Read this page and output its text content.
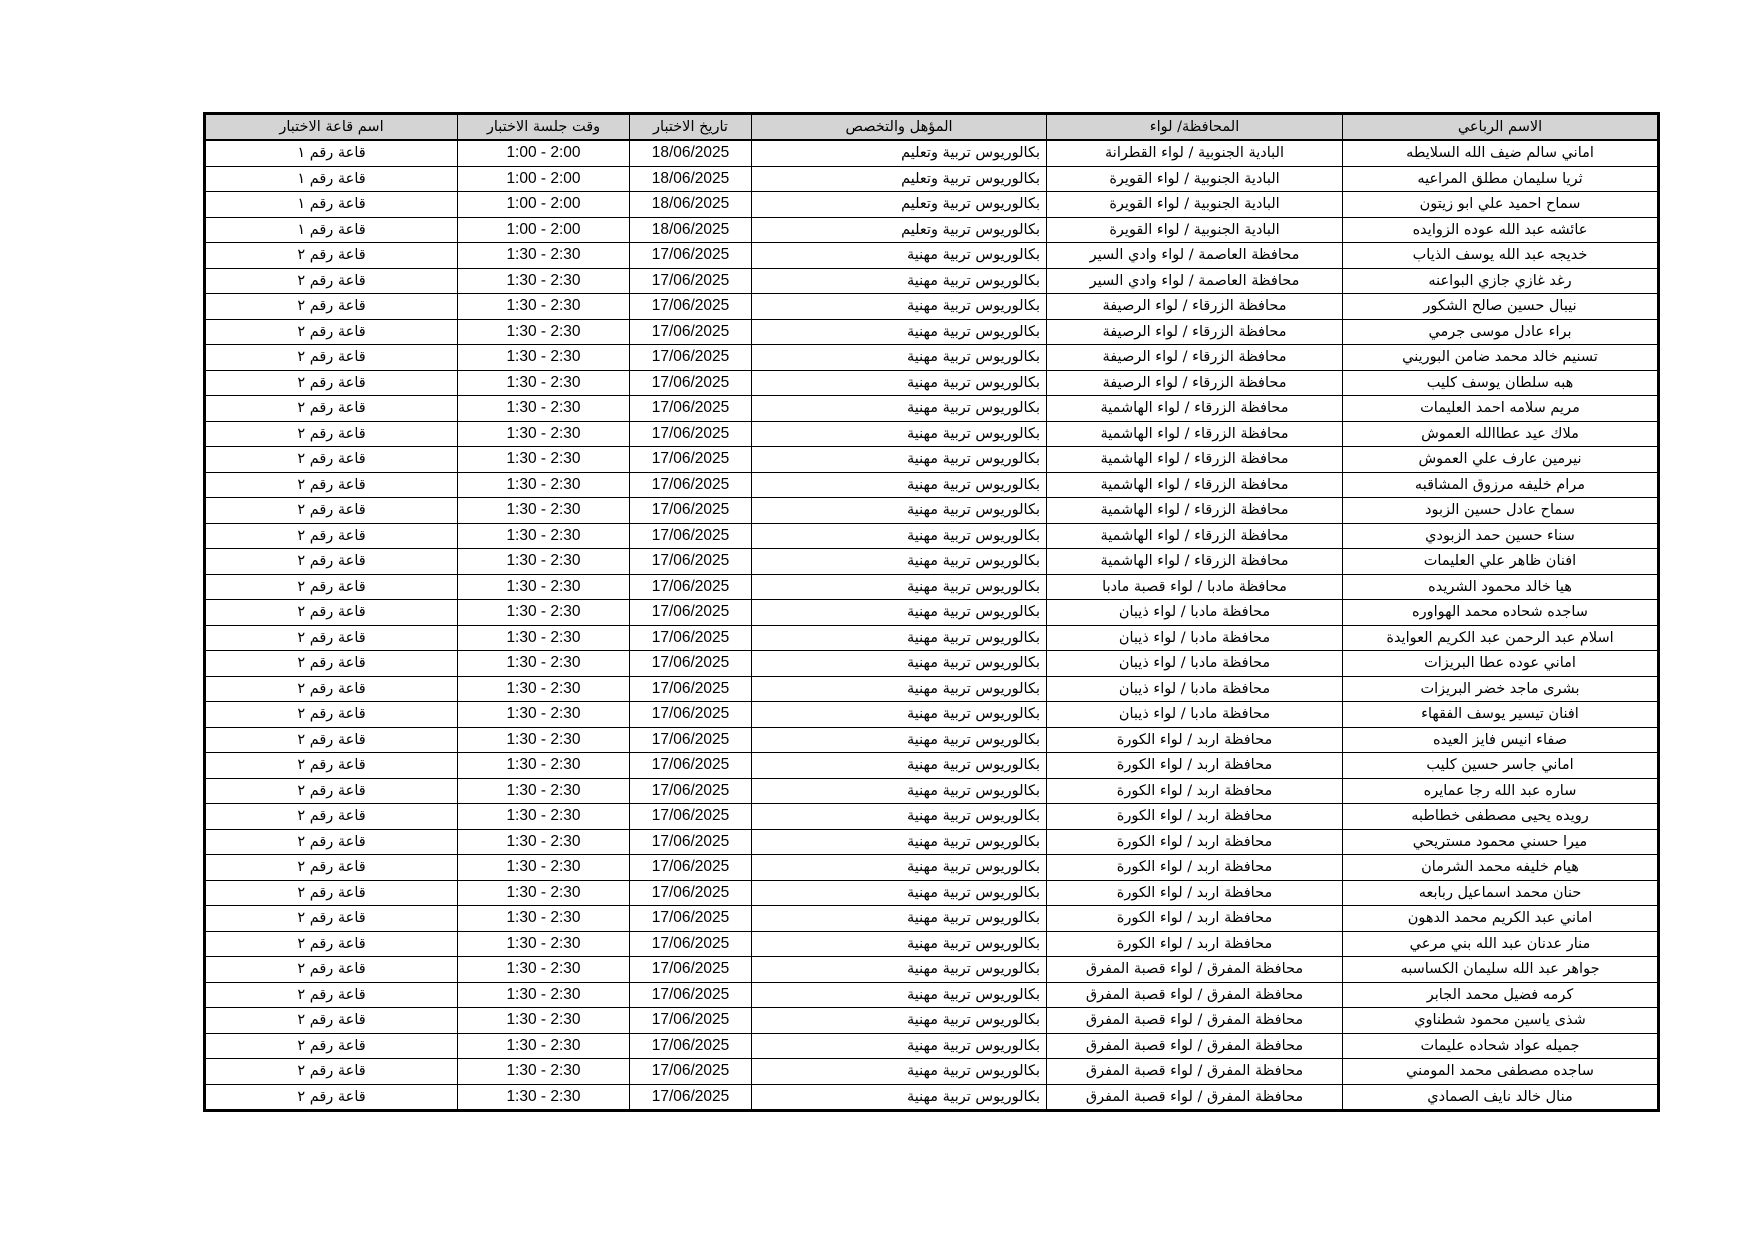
اسم قاعة الاختبار	وقت جلسة الاختبار	تاريخ الاختبار	المؤهل والتخصص	المحافظة/ لواء	الاسم الرباعي
قاعة رقم ١	1:00 - 2:00	18/06/2025	بكالوريوس تربية وتعليم	البادية الجنوبية / لواء القطرانة	اماني سالم ضيف الله السلايطه
قاعة رقم ١	1:00 - 2:00	18/06/2025	بكالوريوس تربية وتعليم	البادية الجنوبية / لواء القويرة	ثريا سليمان مطلق المراعيه
قاعة رقم ١	1:00 - 2:00	18/06/2025	بكالوريوس تربية وتعليم	البادية الجنوبية / لواء القويرة	سماح احميد علي ابو زيتون
قاعة رقم ١	1:00 - 2:00	18/06/2025	بكالوريوس تربية وتعليم	البادية الجنوبية / لواء القويرة	عائشه عبد الله عوده الزوايده
قاعة رقم ٢	1:30 - 2:30	17/06/2025	بكالوريوس تربية مهنية	محافظة العاصمة / لواء وادي السير	خديجه عبد الله يوسف الذياب
قاعة رقم ٢	1:30 - 2:30	17/06/2025	بكالوريوس تربية مهنية	محافظة العاصمة / لواء وادي السير	رغد غازي جازي البواعنه
قاعة رقم ٢	1:30 - 2:30	17/06/2025	بكالوريوس تربية مهنية	محافظة الزرقاء / لواء الرصيفة	نيبال حسين صالح الشكور
قاعة رقم ٢	1:30 - 2:30	17/06/2025	بكالوريوس تربية مهنية	محافظة الزرقاء / لواء الرصيفة	براء عادل موسى جرمي
قاعة رقم ٢	1:30 - 2:30	17/06/2025	بكالوريوس تربية مهنية	محافظة الزرقاء / لواء الرصيفة	تسنيم خالد محمد ضامن البوريني
قاعة رقم ٢	1:30 - 2:30	17/06/2025	بكالوريوس تربية مهنية	محافظة الزرقاء / لواء الرصيفة	هبه سلطان يوسف كليب
قاعة رقم ٢	1:30 - 2:30	17/06/2025	بكالوريوس تربية مهنية	محافظة الزرقاء / لواء الهاشمية	مريم سلامه احمد العليمات
قاعة رقم ٢	1:30 - 2:30	17/06/2025	بكالوريوس تربية مهنية	محافظة الزرقاء / لواء الهاشمية	ملاك عيد عطاالله العموش
قاعة رقم ٢	1:30 - 2:30	17/06/2025	بكالوريوس تربية مهنية	محافظة الزرقاء / لواء الهاشمية	نيرمين عارف علي العموش
قاعة رقم ٢	1:30 - 2:30	17/06/2025	بكالوريوس تربية مهنية	محافظة الزرقاء / لواء الهاشمية	مرام خليفه مرزوق المشاقبه
قاعة رقم ٢	1:30 - 2:30	17/06/2025	بكالوريوس تربية مهنية	محافظة الزرقاء / لواء الهاشمية	سماح عادل حسين الزبود
قاعة رقم ٢	1:30 - 2:30	17/06/2025	بكالوريوس تربية مهنية	محافظة الزرقاء / لواء الهاشمية	سناء حسين حمد الزبودي
قاعة رقم ٢	1:30 - 2:30	17/06/2025	بكالوريوس تربية مهنية	محافظة الزرقاء / لواء الهاشمية	افنان ظاهر علي العليمات
قاعة رقم ٢	1:30 - 2:30	17/06/2025	بكالوريوس تربية مهنية	محافظة مادبا / لواء قصبة مادبا	هيا خالد محمود الشريده
قاعة رقم ٢	1:30 - 2:30	17/06/2025	بكالوريوس تربية مهنية	محافظة مادبا / لواء ذيبان	ساجده شحاده محمد الهواوره
قاعة رقم ٢	1:30 - 2:30	17/06/2025	بكالوريوس تربية مهنية	محافظة مادبا / لواء ذيبان	اسلام عبد الرحمن عبد الكريم العوايدة
قاعة رقم ٢	1:30 - 2:30	17/06/2025	بكالوريوس تربية مهنية	محافظة مادبا / لواء ذيبان	اماني عوده عطا البريزات
قاعة رقم ٢	1:30 - 2:30	17/06/2025	بكالوريوس تربية مهنية	محافظة مادبا / لواء ذيبان	بشرى ماجد خضر البريزات
قاعة رقم ٢	1:30 - 2:30	17/06/2025	بكالوريوس تربية مهنية	محافظة مادبا / لواء ذيبان	افنان تيسير يوسف الفقهاء
قاعة رقم ٢	1:30 - 2:30	17/06/2025	بكالوريوس تربية مهنية	محافظة اربد / لواء الكورة	صفاء انيس فايز العيده
قاعة رقم ٢	1:30 - 2:30	17/06/2025	بكالوريوس تربية مهنية	محافظة اربد / لواء الكورة	اماني جاسر حسين كليب
قاعة رقم ٢	1:30 - 2:30	17/06/2025	بكالوريوس تربية مهنية	محافظة اربد / لواء الكورة	ساره عبد الله رجا عمايره
قاعة رقم ٢	1:30 - 2:30	17/06/2025	بكالوريوس تربية مهنية	محافظة اربد / لواء الكورة	رويده يحيى مصطفى خطاطبه
قاعة رقم ٢	1:30 - 2:30	17/06/2025	بكالوريوس تربية مهنية	محافظة اربد / لواء الكورة	ميرا حسني محمود مستريحي
قاعة رقم ٢	1:30 - 2:30	17/06/2025	بكالوريوس تربية مهنية	محافظة اربد / لواء الكورة	هيام خليفه محمد الشرمان
قاعة رقم ٢	1:30 - 2:30	17/06/2025	بكالوريوس تربية مهنية	محافظة اربد / لواء الكورة	حنان محمد اسماعيل ربابعه
قاعة رقم ٢	1:30 - 2:30	17/06/2025	بكالوريوس تربية مهنية	محافظة اربد / لواء الكورة	اماني عبد الكريم محمد الدهون
قاعة رقم ٢	1:30 - 2:30	17/06/2025	بكالوريوس تربية مهنية	محافظة اربد / لواء الكورة	منار عدنان عبد الله بني مرعي
قاعة رقم ٢	1:30 - 2:30	17/06/2025	بكالوريوس تربية مهنية	محافظة المفرق / لواء قصبة المفرق	جواهر عبد الله سليمان الكساسبه
قاعة رقم ٢	1:30 - 2:30	17/06/2025	بكالوريوس تربية مهنية	محافظة المفرق / لواء قصبة المفرق	كرمه فضيل محمد الجابر
قاعة رقم ٢	1:30 - 2:30	17/06/2025	بكالوريوس تربية مهنية	محافظة المفرق / لواء قصبة المفرق	شذى ياسين محمود شطناوي
قاعة رقم ٢	1:30 - 2:30	17/06/2025	بكالوريوس تربية مهنية	محافظة المفرق / لواء قصبة المفرق	جميله عواد شحاده عليمات
قاعة رقم ٢	1:30 - 2:30	17/06/2025	بكالوريوس تربية مهنية	محافظة المفرق / لواء قصبة المفرق	ساجده مصطفى محمد المومني
قاعة رقم ٢	1:30 - 2:30	17/06/2025	بكالوريوس تربية مهنية	محافظة المفرق / لواء قصبة المفرق	منال خالد نايف الصمادي
